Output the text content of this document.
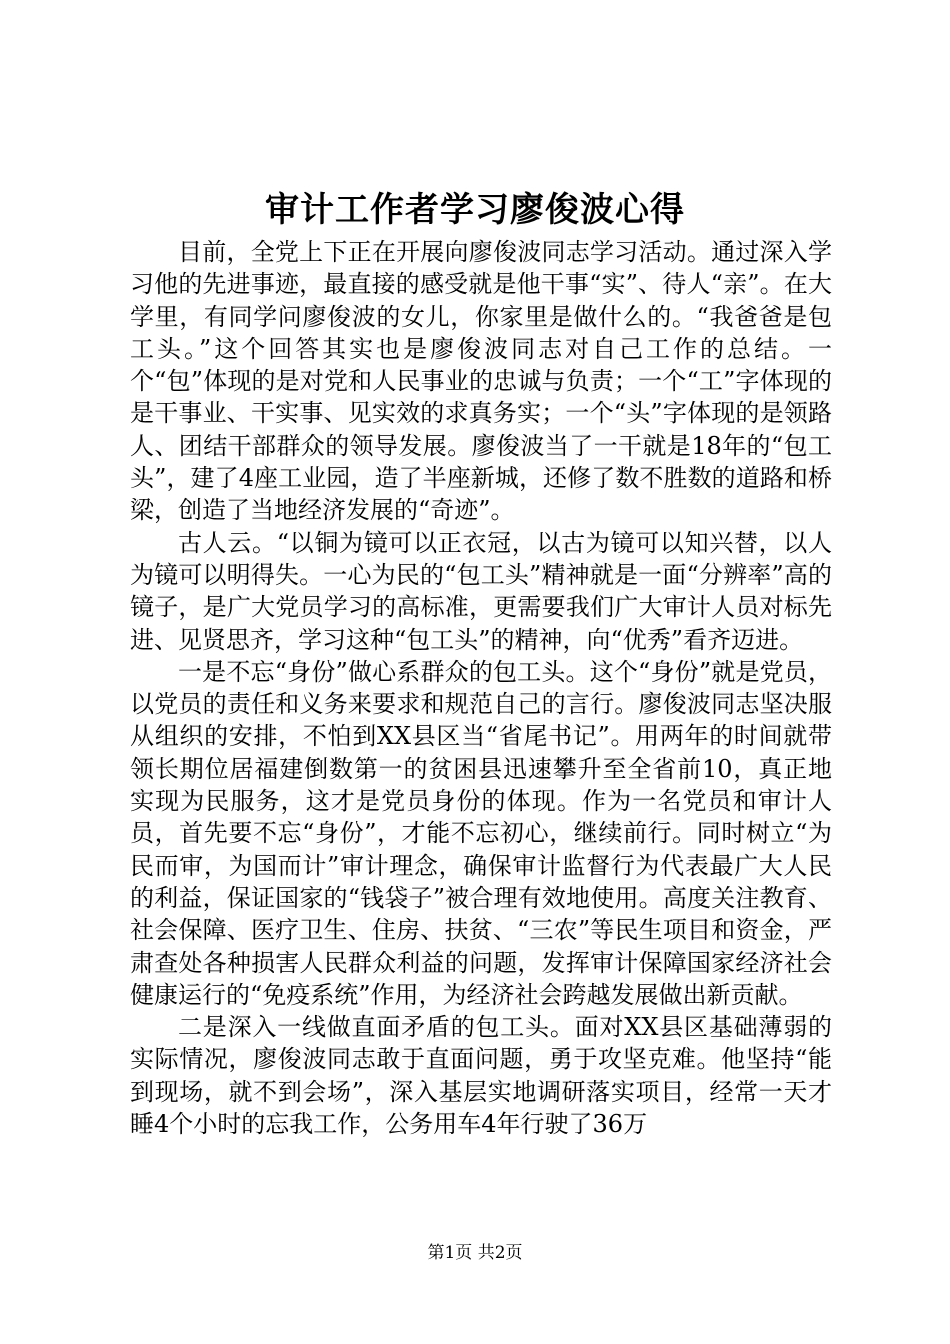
审计工作者学习廖俊波心得

目前，全党上下正在开展向廖俊波同志学习活动。通过深入学习他的先进事迹，最直接的感受就是他干事“实”、待人“亲”。在大学里，有同学问廖俊波的女儿，你家里是做什么的。“我爸爸是包工头。”这个回答其实也是廖俊波同志对自己工作的总结。一个“包”体现的是对党和人民事业的忠诚与负责；一个“工”字体现的是干事业、干实事、见实效的求真务实；一个“头”字体现的是领路人、团结干部群众的领导发展。廖俊波当了一干就是18年的“包工头”，建了4座工业园，造了半座新城，还修了数不胜数的道路和桥梁，创造了当地经济发展的“奇迹”。

古人云。“以铜为镜可以正衣冠，以古为镜可以知兴替，以人为镜可以明得失。一心为民的“包工头”精神就是一面“分辨率”高的镜子，是广大党员学习的高标准，更需要我们广大审计人员对标先进、见贤思齐，学习这种“包工头”的精神，向“优秀”看齐迈进。

一是不忘“身份”做心系群众的包工头。这个“身份”就是党员，以党员的责任和义务来要求和规范自己的言行。廖俊波同志坚决服从组织的安排，不怕到XX县区当“省尾书记”。用两年的时间就带领长期位居福建倒数第一的贫困县迅速攀升至全省前10，真正地实现为民服务，这才是党员身份的体现。作为一名党员和审计人员，首先要不忘“身份”，才能不忘初心，继续前行。同时树立“为民而审，为国而计”审计理念，确保审计监督行为代表最广大人民的利益，保证国家的“钱袋子”被合理有效地使用。高度关注教育、社会保障、医疗卫生、住房、扶贫、“三农”等民生项目和资金，严肃查处各种损害人民群众利益的问题，发挥审计保障国家经济社会健康运行的“免疫系统”作用，为经济社会跨越发展做出新贡献。

二是深入一线做直面矛盾的包工头。面对XX县区基础薄弱的实际情况，廖俊波同志敢于直面问题，勇于攻坚克难。他坚持“能到现场，就不到会场”，深入基层实地调研落实项目，经常一天才睡4个小时的忘我工作，公务用车4年行驶了36万

第1页 共2页
